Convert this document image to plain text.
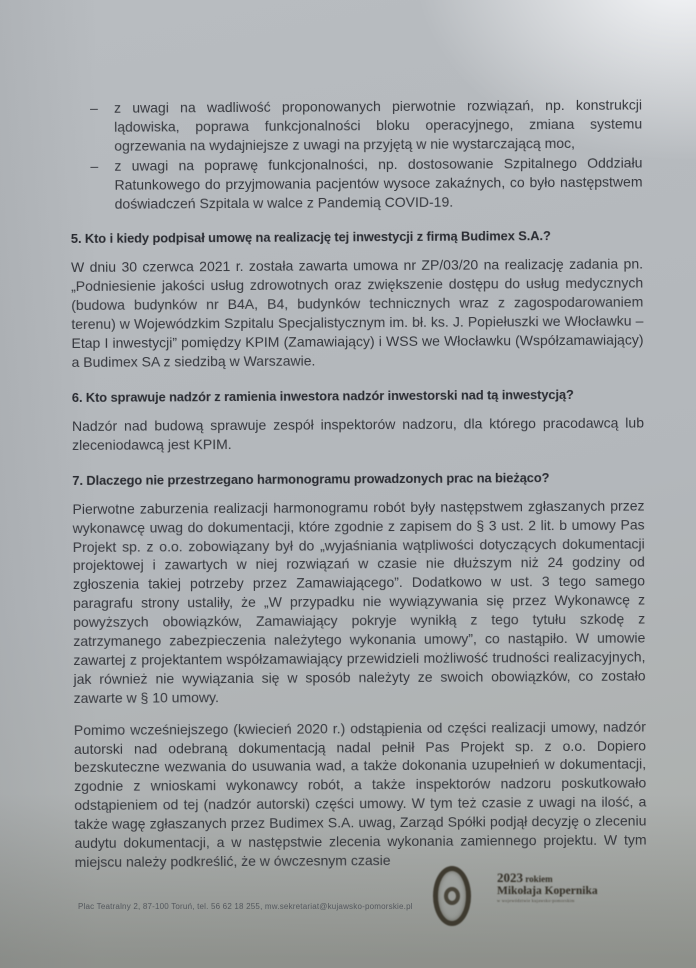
– z uwagi na wadliwość proponowanych pierwotnie rozwiązań, np. konstrukcji lądowiska, poprawa funkcjonalności bloku operacyjnego, zmiana systemu ogrzewania na wydajniejsze z uwagi na przyjętą w nie wystarczającą moc,
– z uwagi na poprawę funkcjonalności, np. dostosowanie Szpitalnego Oddziału Ratunkowego do przyjmowania pacjentów wysoce zakaźnych, co było następstwem doświadczeń Szpitala w walce z Pandemią COVID-19.
5. Kto i kiedy podpisał umowę na realizację tej inwestycji z firmą Budimex S.A.?

W dniu 30 czerwca 2021 r. została zawarta umowa nr ZP/03/20 na realizację zadania pn. „Podniesienie jakości usług zdrowotnych oraz zwiększenie dostępu do usług medycznych (budowa budynków nr B4A, B4, budynków technicznych wraz z zagospodarowaniem terenu) w Wojewódzkim Szpitalu Specjalistycznym im. bł. ks. J. Popiełuszki we Włocławku – Etap I inwestycji” pomiędzy KPIM (Zamawiający) i WSS we Włocławku (Współzamawiający) a Budimex SA z siedzibą w Warszawie.

6. Kto sprawuje nadzór z ramienia inwestora nadzór inwestorski nad tą inwestycją?

Nadzór nad budową sprawuje zespół inspektorów nadzoru, dla którego pracodawcą lub zleceniodawcą jest KPIM.

7. Dlaczego nie przestrzegano harmonogramu prowadzonych prac na bieżąco?

Pierwotne zaburzenia realizacji harmonogramu robót były następstwem zgłaszanych przez wykonawcę uwag do dokumentacji, które zgodnie z zapisem do § 3 ust. 2 lit. b umowy Pas Projekt sp. z o.o. zobowiązany był do „wyjaśniania wątpliwości dotyczących dokumentacji projektowej i zawartych w niej rozwiązań w czasie nie dłuższym niż 24 godziny od zgłoszenia takiej potrzeby przez Zamawiającego”. Dodatkowo w ust. 3 tego samego paragrafu strony ustaliły, że „W przypadku nie wywiązywania się przez Wykonawcę z powyższych obowiązków, Zamawiający pokryje wynikłą z tego tytułu szkodę z zatrzymanego zabezpieczenia należytego wykonania umowy”, co nastąpiło. W umowie zawartej z projektantem współzamawiający przewidzieli możliwość trudności realizacyjnych, jak również nie wywiązania się w sposób należyty ze swoich obowiązków, co zostało zawarte w § 10 umowy.

Pomimo wcześniejszego (kwiecień 2020 r.) odstąpienia od części realizacji umowy, nadzór autorski nad odebraną dokumentacją nadal pełnił Pas Projekt sp. z o.o. Dopiero bezskuteczne wezwania do usuwania wad, a także dokonania uzupełnień w dokumentacji, zgodnie z wnioskami wykonawcy robót, a także inspektorów nadzoru poskutkowało odstąpieniem od tej (nadzór autorski) części umowy. W tym też czasie z uwagi na ilość, a także wagę zgłaszanych przez Budimex S.A. uwag, Zarząd Spółki podjął decyzję o zleceniu audytu dokumentacji, a w następstwie zlecenia wykonania zamiennego projektu. W tym miejscu należy podkreślić, że w ówczesnym czasie

Plac Teatralny 2, 87-100 Toruń, tel. 56 62 18 255, mw.sekretariat@kujawsko-pomorskie.pl
2023 rokiem
Mikołaja Kopernika
w województwie kujawsko-pomorskim
